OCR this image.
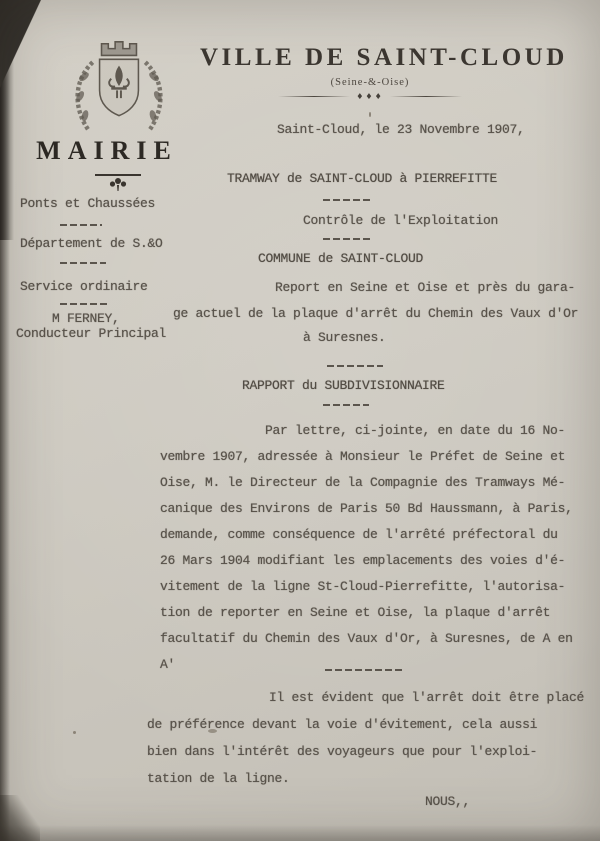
VILLE DE SAINT-CLOUD
(Seine-&-Oise)
♦♦♦
MAIRIE
Saint-Cloud, le 23 Novembre 1907,
Ponts et Chaussées
Département de S.&O
Service ordinaire
M FERNEY,
Conducteur Principal
TRAMWAY de SAINT-CLOUD à PIERREFITTE
Contrôle de l'Exploitation
COMMUNE de SAINT-CLOUD
Report en Seine et Oise et près du gara-
ge actuel de la plaque d'arrêt du Chemin des Vaux d'Or
à Suresnes.
RAPPORT du SUBDIVISIONNAIRE
Par lettre, ci-jointe, en date du 16 No-
vembre 1907, adressée à Monsieur le Préfet de Seine et
Oise, M. le Directeur de la Compagnie des Tramways Mé-
canique des Environs de Paris 50 Bd Haussmann, à Paris,
demande, comme conséquence de l'arrêté préfectoral du
26 Mars 1904 modifiant les emplacements des voies d'é-
vitement de la ligne St-Cloud-Pierrefitte, l'autorisa-
tion de reporter en Seine et Oise, la plaque d'arrêt
facultatif du Chemin des Vaux d'Or, à Suresnes, de A en
A'
Il est évident que l'arrêt doit être placé
de préférence devant la voie d'évitement, cela aussi
bien dans l'intérêt des voyageurs que pour l'exploi-
tation de la ligne.
NOUS,,
